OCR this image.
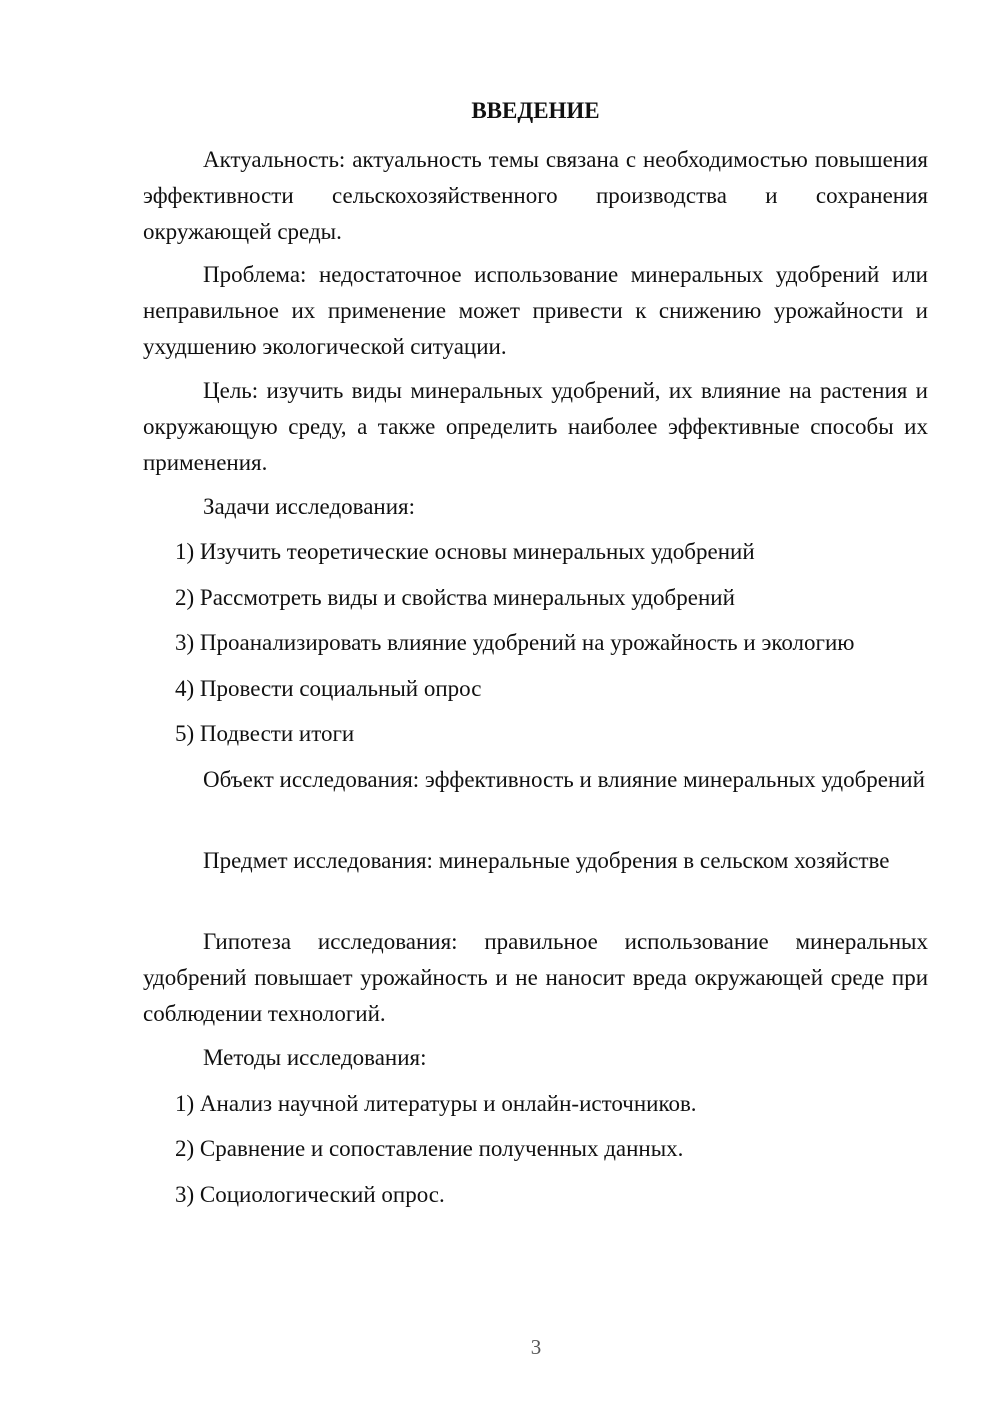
ВВЕДЕНИЕ

Актуальность: актуальность темы связана с необходимостью повышения эффективности сельскохозяйственного производства и сохранения окружающей среды.

Проблема: недостаточное использование минеральных удобрений или неправильное их применение может привести к снижению урожайности и ухудшению экологической ситуации.

Цель: изучить виды минеральных удобрений, их влияние на растения и окружающую среду, а также определить наиболее эффективные способы их применения.

Задачи исследования:

1) Изучить теоретические основы минеральных удобрений

2) Рассмотреть виды и свойства минеральных удобрений

3) Проанализировать влияние удобрений на урожайность и экологию

4) Провести социальный опрос

5) Подвести итоги

Объект исследования: эффективность и влияние минеральных удобрений

Предмет исследования: минеральные удобрения в сельском хозяйстве

Гипотеза исследования: правильное использование минеральных удобрений повышает урожайность и не наносит вреда окружающей среде при соблюдении технологий.

Методы исследования:

1) Анализ научной литературы и онлайн-источников.

2) Сравнение и сопоставление полученных данных.

3) Социологический опрос.

3
